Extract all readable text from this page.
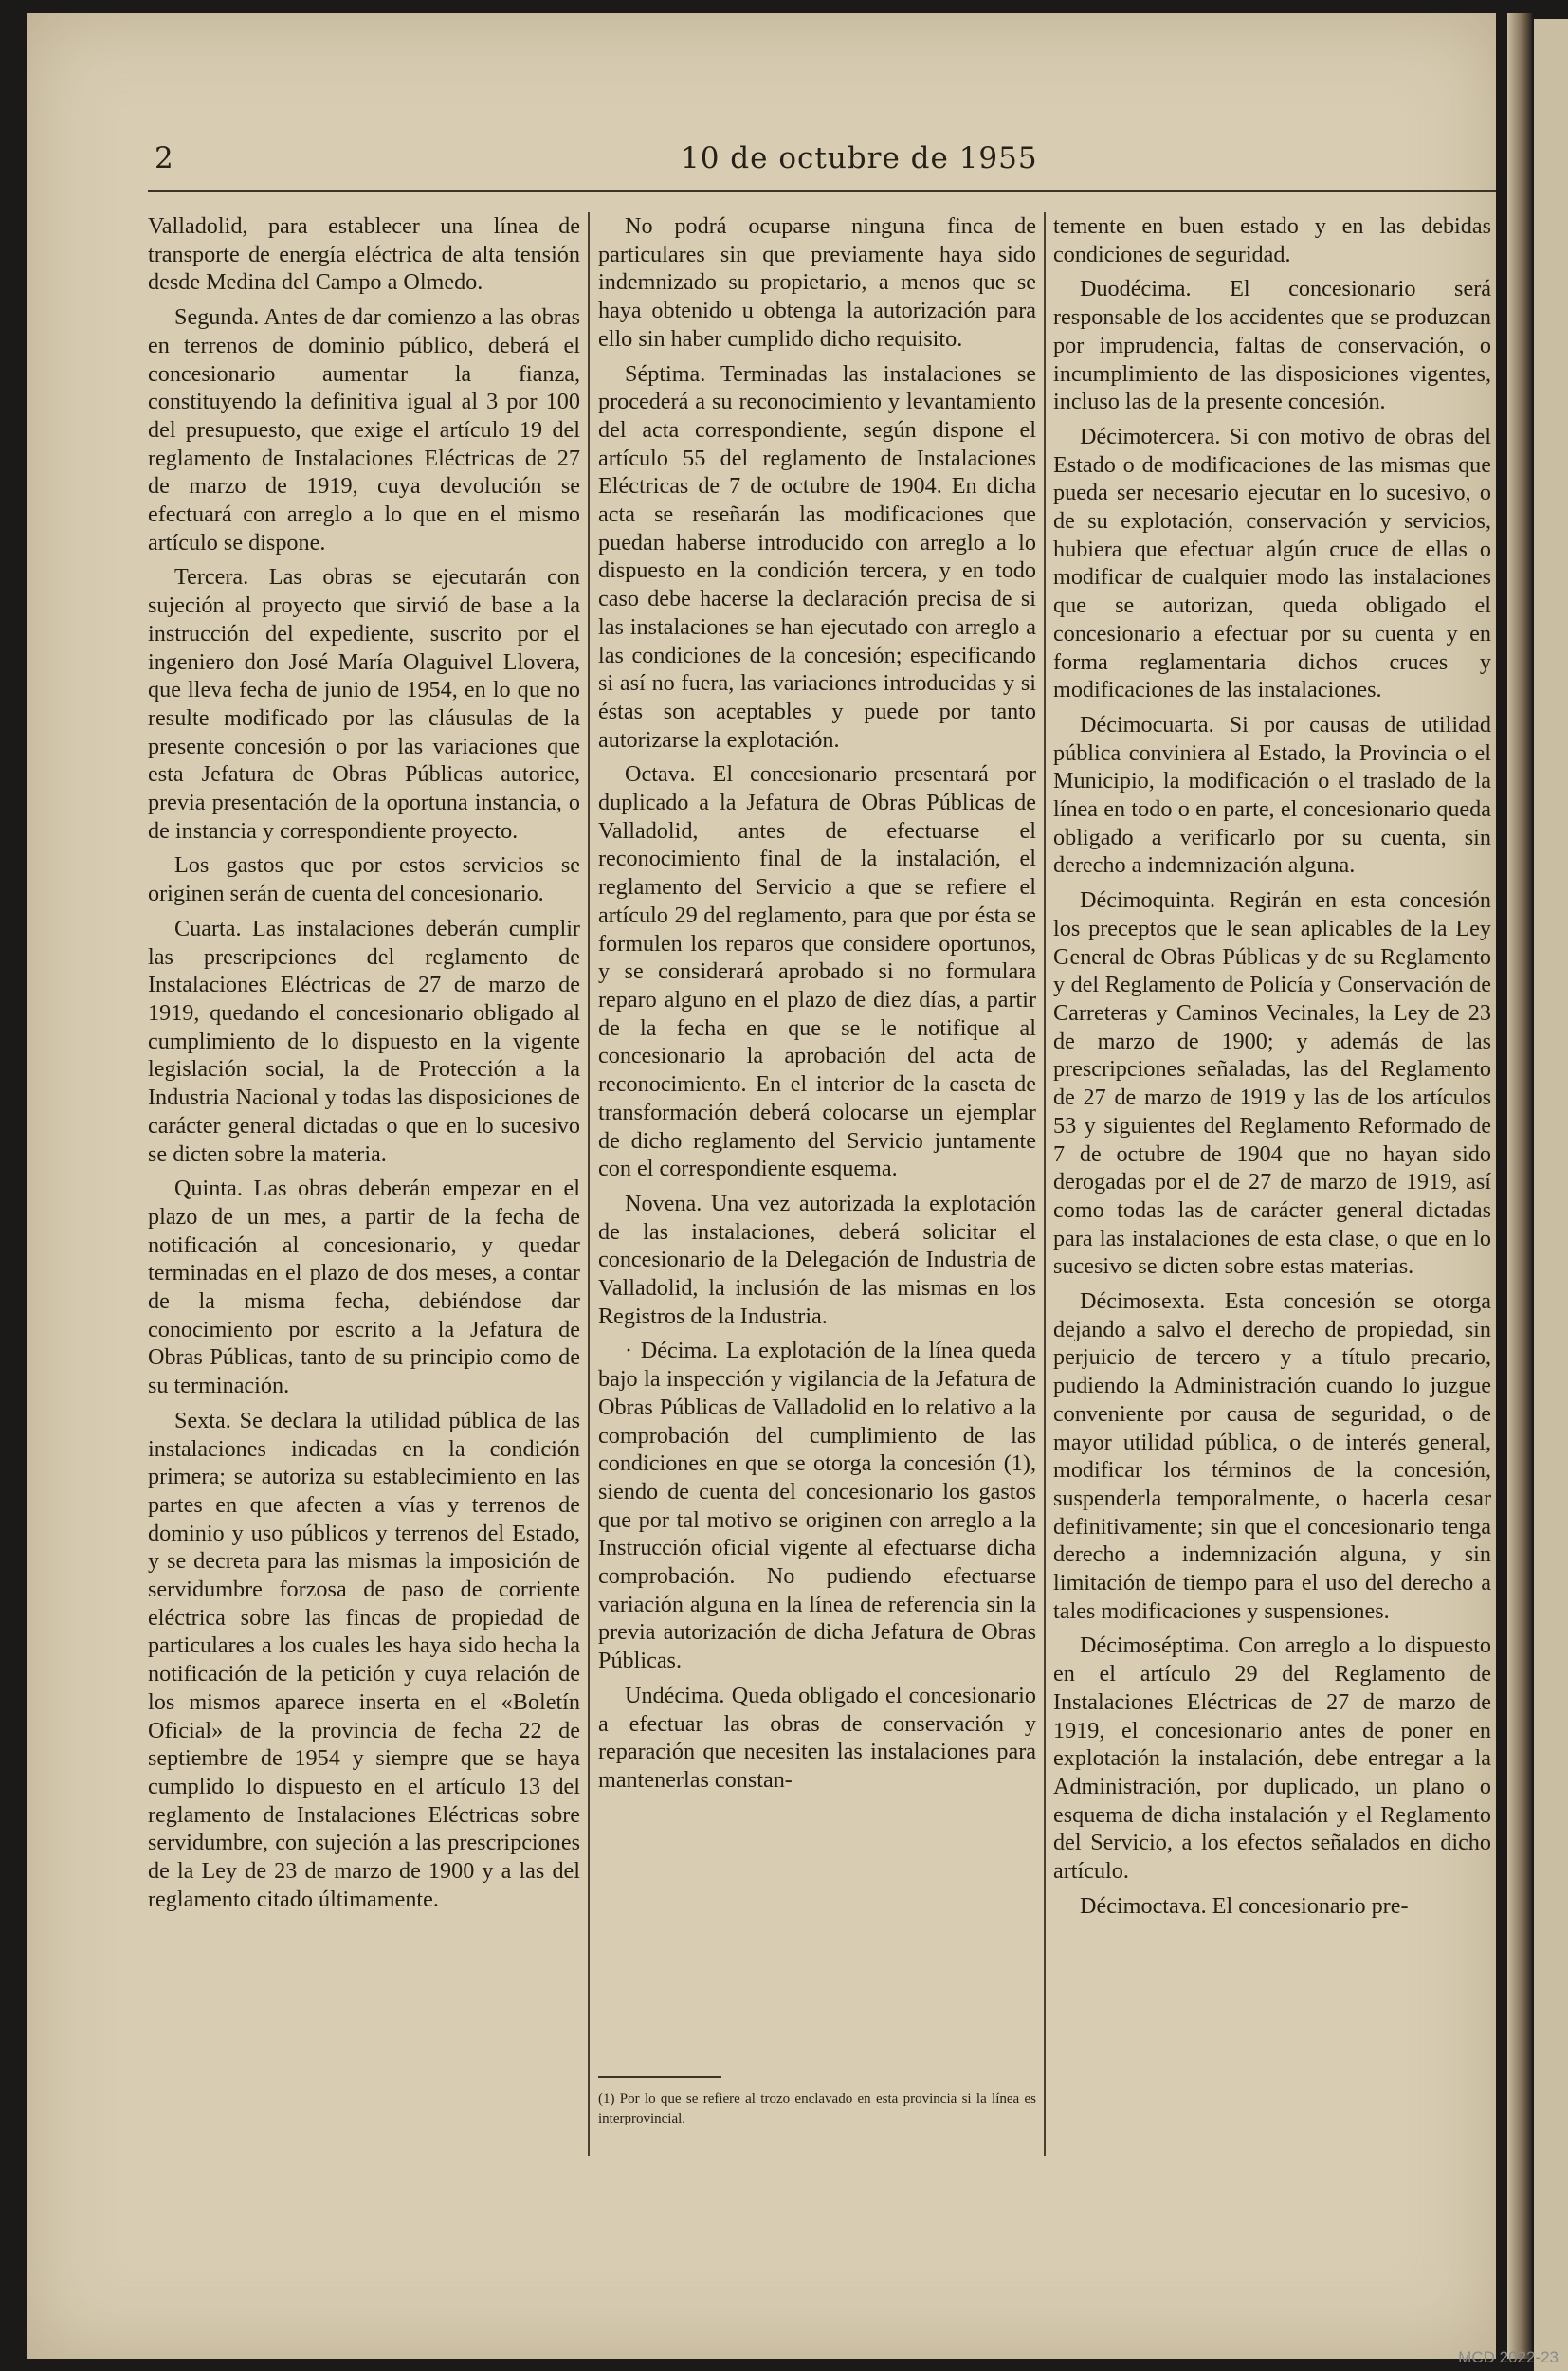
2	10 de octubre de 1955

Valladolid, para establecer una línea de transporte de energía eléctrica de alta tensión desde Medina del Campo a Olmedo.

Segunda. Antes de dar comienzo a las obras en terrenos de dominio público, deberá el concesionario aumentar la fianza, constituyendo la definitiva igual al 3 por 100 del presupuesto, que exige el artículo 19 del reglamento de Instalaciones Eléctricas de 27 de marzo de 1919, cuya devolución se efectuará con arreglo a lo que en el mismo artículo se dispone.

Tercera. Las obras se ejecutarán con sujeción al proyecto que sirvió de base a la instrucción del expediente, suscrito por el ingeniero don José María Olaguivel Llovera, que lleva fecha de junio de 1954, en lo que no resulte modificado por las cláusulas de la presente concesión o por las variaciones que esta Jefatura de Obras Públicas autorice, previa presentación de la oportuna instancia, o de instancia y correspondiente proyecto.

Los gastos que por estos servicios se originen serán de cuenta del concesionario.

Cuarta. Las instalaciones deberán cumplir las prescripciones del reglamento de Instalaciones Eléctricas de 27 de marzo de 1919, quedando el concesionario obligado al cumplimiento de lo dispuesto en la vigente legislación social, la de Protección a la Industria Nacional y todas las disposiciones de carácter general dictadas o que en lo sucesivo se dicten sobre la materia.

Quinta. Las obras deberán empezar en el plazo de un mes, a partir de la fecha de notificación al concesionario, y quedar terminadas en el plazo de dos meses, a contar de la misma fecha, debiéndose dar conocimiento por escrito a la Jefatura de Obras Públicas, tanto de su principio como de su terminación.

Sexta. Se declara la utilidad pública de las instalaciones indicadas en la condición primera; se autoriza su establecimiento en las partes en que afecten a vías y terrenos de dominio y uso públicos y terrenos del Estado, y se decreta para las mismas la imposición de servidumbre forzosa de paso de corriente eléctrica sobre las fincas de propiedad de particulares a los cuales les haya sido hecha la notificación de la petición y cuya relación de los mismos aparece inserta en el «Boletín Oficial» de la provincia de fecha 22 de septiembre de 1954 y siempre que se haya cumplido lo dispuesto en el artículo 13 del reglamento de Instalaciones Eléctricas sobre servidumbre, con sujeción a las prescripciones de la Ley de 23 de marzo de 1900 y a las del reglamento citado últimamente.

No podrá ocuparse ninguna finca de particulares sin que previamente haya sido indemnizado su propietario, a menos que se haya obtenido u obtenga la autorización para ello sin haber cumplido dicho requisito.

Séptima. Terminadas las instalaciones se procederá a su reconocimiento y levantamiento del acta correspondiente, según dispone el artículo 55 del reglamento de Instalaciones Eléctricas de 7 de octubre de 1904. En dicha acta se reseñarán las modificaciones que puedan haberse introducido con arreglo a lo dispuesto en la condición tercera, y en todo caso debe hacerse la declaración precisa de si las instalaciones se han ejecutado con arreglo a las condiciones de la concesión; especificando si así no fuera, las variaciones introducidas y si éstas son aceptables y puede por tanto autorizarse la explotación.

Octava. El concesionario presentará por duplicado a la Jefatura de Obras Públicas de Valladolid, antes de efectuarse el reconocimiento final de la instalación, el reglamento del Servicio a que se refiere el artículo 29 del reglamento, para que por ésta se formulen los reparos que considere oportunos, y se considerará aprobado si no formulara reparo alguno en el plazo de diez días, a partir de la fecha en que se le notifique al concesionario la aprobación del acta de reconocimiento. En el interior de la caseta de transformación deberá colocarse un ejemplar de dicho reglamento del Servicio juntamente con el correspondiente esquema.

Novena. Una vez autorizada la explotación de las instalaciones, deberá solicitar el concesionario de la Delegación de Industria de Valladolid, la inclusión de las mismas en los Registros de la Industria.

· Décima. La explotación de la línea queda bajo la inspección y vigilancia de la Jefatura de Obras Públicas de Valladolid en lo relativo a la comprobación del cumplimiento de las condiciones en que se otorga la concesión (1), siendo de cuenta del concesionario los gastos que por tal motivo se originen con arreglo a la Instrucción oficial vigente al efectuarse dicha comprobación. No pudiendo efectuarse variación alguna en la línea de referencia sin la previa autorización de dicha Jefatura de Obras Públicas.

Undécima. Queda obligado el concesionario a efectuar las obras de conservación y reparación que necesiten las instalaciones para mantenerlas constan-

temente en buen estado y en las debidas condiciones de seguridad.

Duodécima. El concesionario será responsable de los accidentes que se produzcan por imprudencia, faltas de conservación, o incumplimiento de las disposiciones vigentes, incluso las de la presente concesión.

Décimotercera. Si con motivo de obras del Estado o de modificaciones de las mismas que pueda ser necesario ejecutar en lo sucesivo, o de su explotación, conservación y servicios, hubiera que efectuar algún cruce de ellas o modificar de cualquier modo las instalaciones que se autorizan, queda obligado el concesionario a efectuar por su cuenta y en forma reglamentaria dichos cruces y modificaciones de las instalaciones.

Décimocuarta. Si por causas de utilidad pública conviniera al Estado, la Provincia o el Municipio, la modificación o el traslado de la línea en todo o en parte, el concesionario queda obligado a verificarlo por su cuenta, sin derecho a indemnización alguna.

Décimoquinta. Regirán en esta concesión los preceptos que le sean aplicables de la Ley General de Obras Públicas y de su Reglamento y del Reglamento de Policía y Conservación de Carreteras y Caminos Vecinales, la Ley de 23 de marzo de 1900; y además de las prescripciones señaladas, las del Reglamento de 27 de marzo de 1919 y las de los artículos 53 y siguientes del Reglamento Reformado de 7 de octubre de 1904 que no hayan sido derogadas por el de 27 de marzo de 1919, así como todas las de carácter general dictadas para las instalaciones de esta clase, o que en lo sucesivo se dicten sobre estas materias.

Décimosexta. Esta concesión se otorga dejando a salvo el derecho de propiedad, sin perjuicio de tercero y a título precario, pudiendo la Administración cuando lo juzgue conveniente por causa de seguridad, o de mayor utilidad pública, o de interés general, modificar los términos de la concesión, suspenderla temporalmente, o hacerla cesar definitivamente; sin que el concesionario tenga derecho a indemnización alguna, y sin limitación de tiempo para el uso del derecho a tales modificaciones y suspensiones.

Décimoséptima. Con arreglo a lo dispuesto en el artículo 29 del Reglamento de Instalaciones Eléctricas de 27 de marzo de 1919, el concesionario antes de poner en explotación la instalación, debe entregar a la Administración, por duplicado, un plano o esquema de dicha instalación y el Reglamento del Servicio, a los efectos señalados en dicho artículo.

Décimoctava. El concesionario pre-

(1) Por lo que se refiere al trozo enclavado en esta provincia si la línea es interprovincial.
MCD 2022-23
